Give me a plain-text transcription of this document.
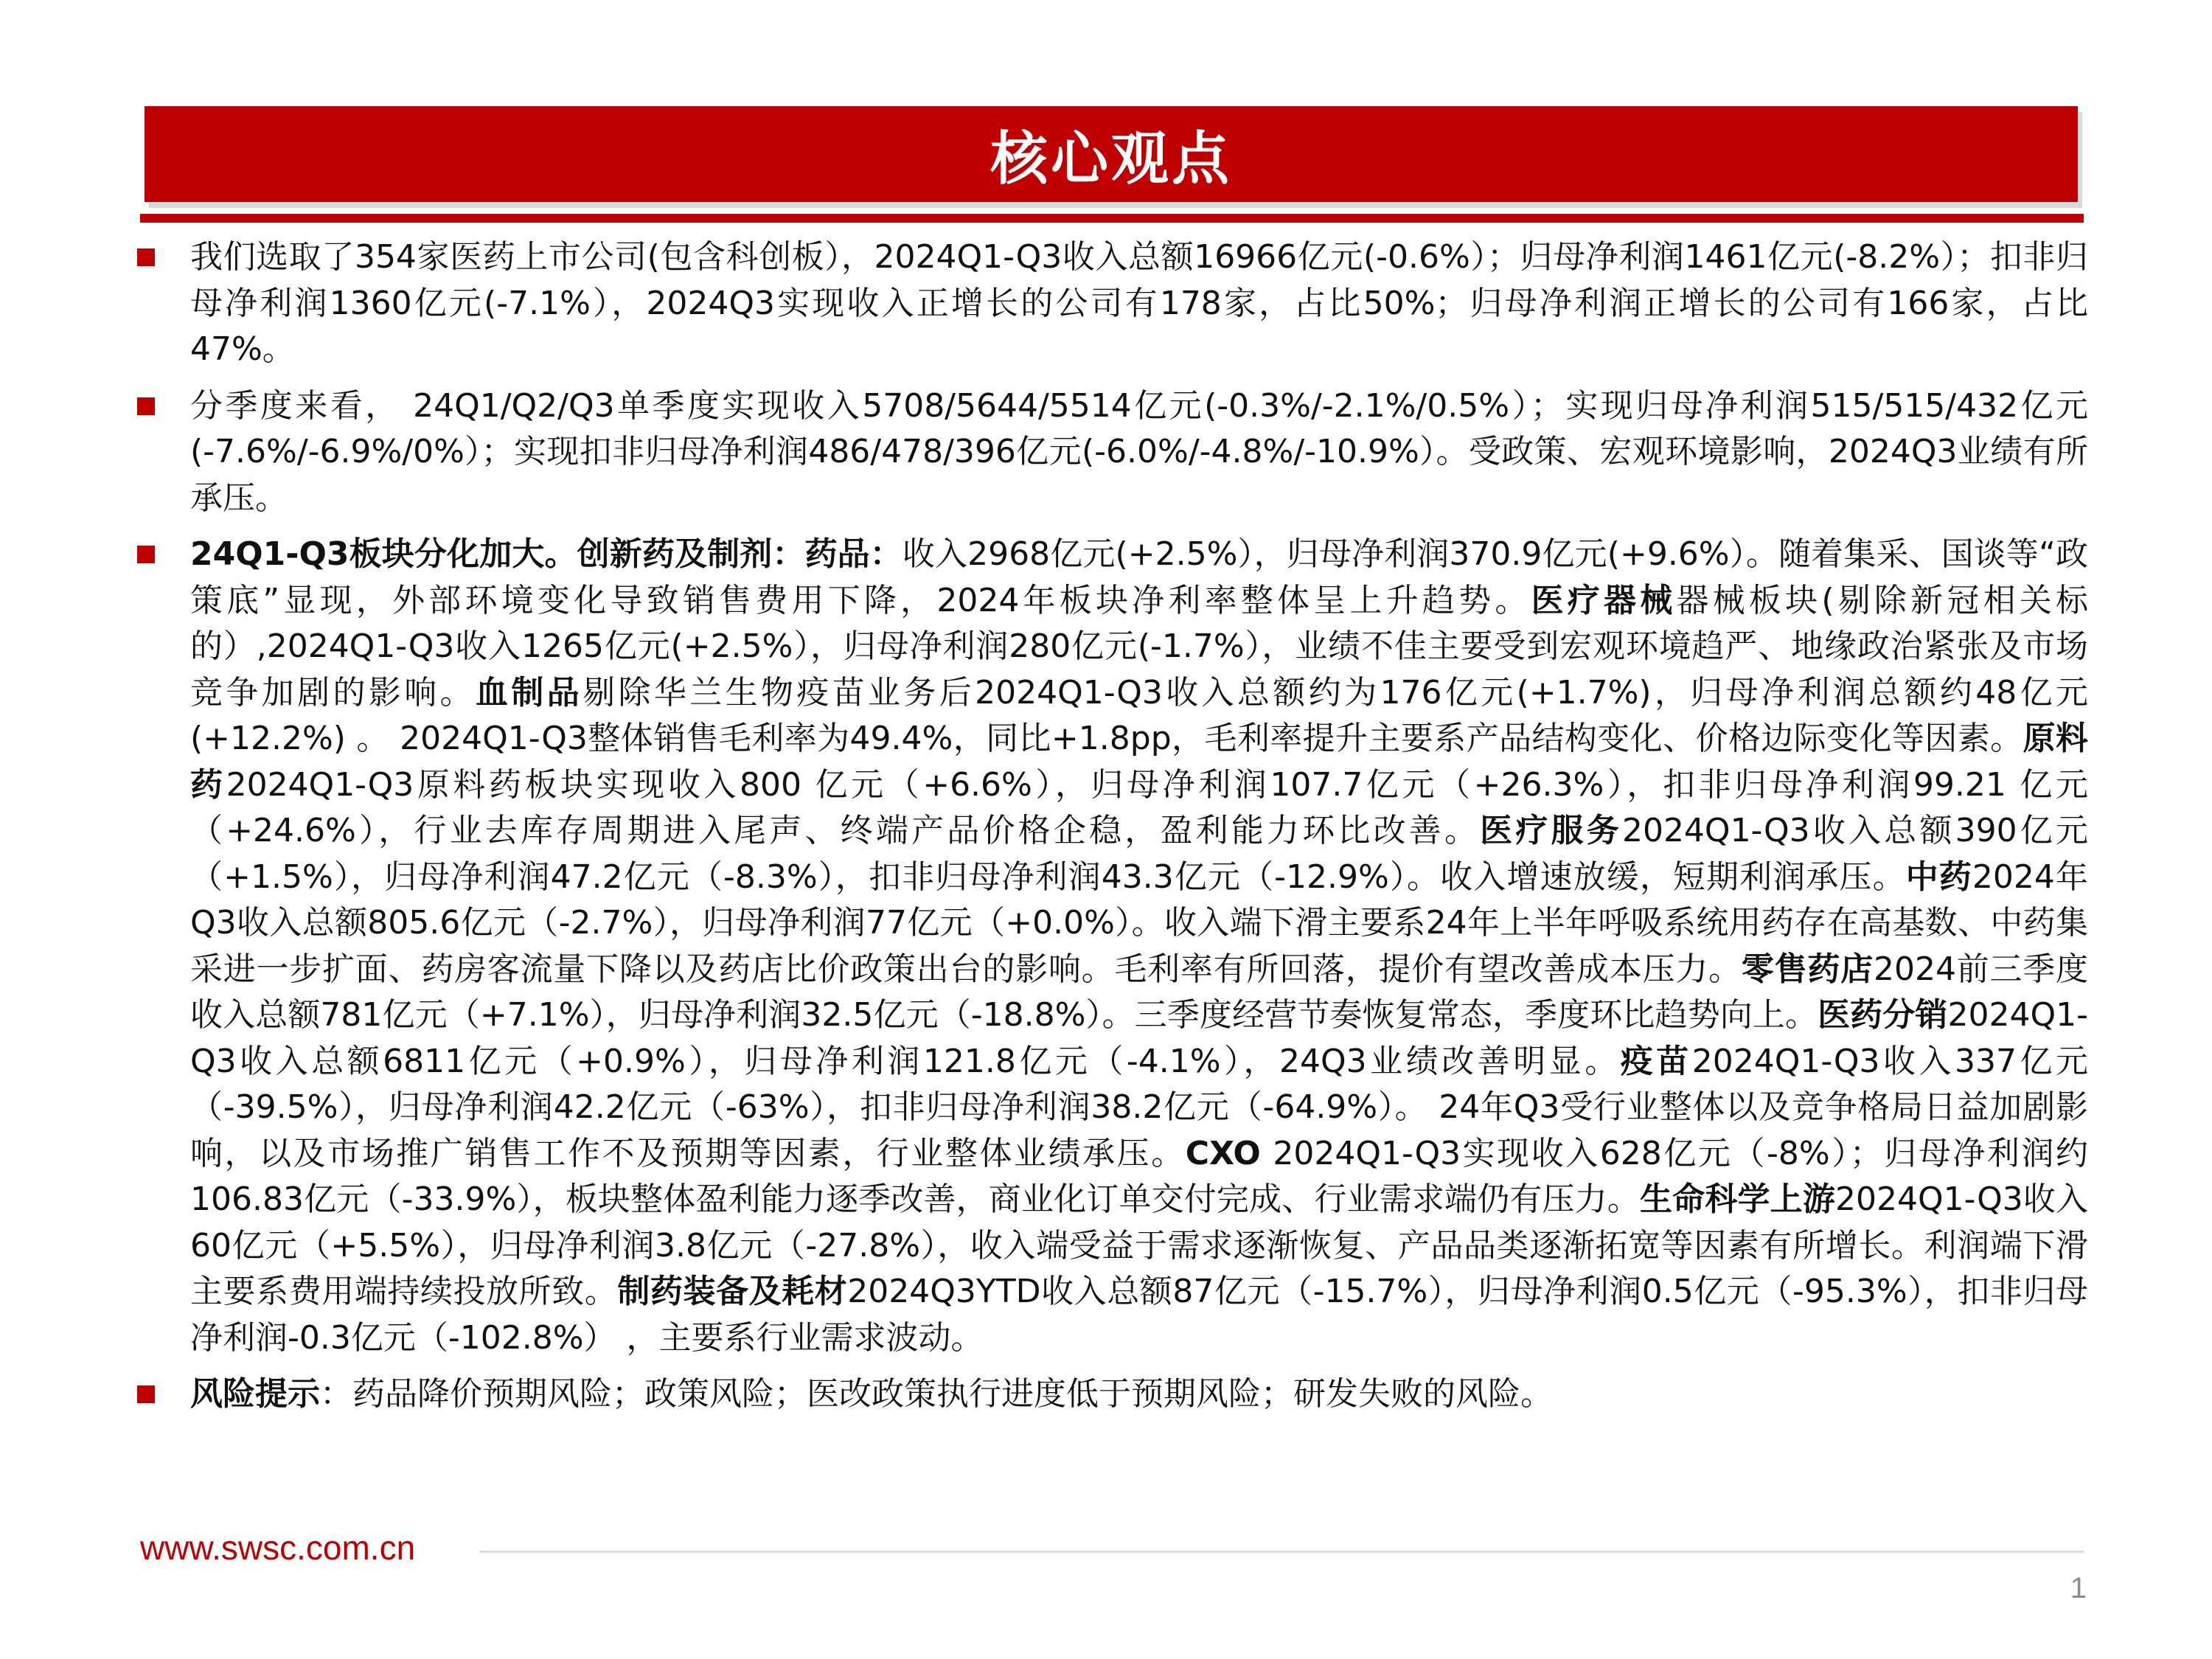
核心观点
我们选取了354家医药上市公司(包含科创板），2024Q1-Q3收入总额16966亿元(-0.6%）；归母净利润1461亿元(-8.2%）；扣非归母净利润1360亿元(-7.1%），2024Q3实现收入正增长的公司有178家，占比50%；归母净利润正增长的公司有166家，占比47%。
分季度来看， 24Q1/Q2/Q3单季度实现收入5708/5644/5514亿元(-0.3%/-2.1%/0.5%）；实现归母净利润515/515/432亿元(-7.6%/-6.9%/0%）；实现扣非归母净利润486/478/396亿元(-6.0%/-4.8%/-10.9%）。受政策、宏观环境影响，2024Q3业绩有所承压。
24Q1-Q3板块分化加大。创新药及制剂：药品：收入2968亿元(+2.5%），归母净利润370.9亿元(+9.6%）。随着集采、国谈等“政策底”显现，外部环境变化导致销售费用下降，2024年板块净利率整体呈上升趋势。医疗器械器械板块(剔除新冠相关标的）,2024Q1-Q3收入1265亿元(+2.5%），归母净利润280亿元(-1.7%），业绩不佳主要受到宏观环境趋严、地缘政治紧张及市场竞争加剧的影响。血制品剔除华兰生物疫苗业务后2024Q1-Q3收入总额约为176亿元(+1.7%)，归母净利润总额约48亿元(+12.2%) 。 2024Q1-Q3整体销售毛利率为49.4%，同比+1.8pp，毛利率提升主要系产品结构变化、价格边际变化等因素。原料药2024Q1-Q3原料药板块实现收入800 亿元（+6.6%），归母净利润107.7亿元（+26.3%），扣非归母净利润99.21 亿元（+24.6%），行业去库存周期进入尾声、终端产品价格企稳，盈利能力环比改善。医疗服务2024Q1-Q3收入总额390亿元（+1.5%），归母净利润47.2亿元（-8.3%），扣非归母净利润43.3亿元（-12.9%）。收入增速放缓，短期利润承压。中药2024年Q3收入总额805.6亿元（-2.7%），归母净利润77亿元（+0.0%）。收入端下滑主要系24年上半年呼吸系统用药存在高基数、中药集采进一步扩面、药房客流量下降以及药店比价政策出台的影响。毛利率有所回落，提价有望改善成本压力。零售药店2024前三季度收入总额781亿元（+7.1%），归母净利润32.5亿元（-18.8%）。三季度经营节奏恢复常态，季度环比趋势向上。医药分销2024Q1-Q3收入总额6811亿元（+0.9%），归母净利润121.8亿元（-4.1%），24Q3业绩改善明显。疫苗2024Q1-Q3收入337亿元（-39.5%），归母净利润42.2亿元（-63%），扣非归母净利润38.2亿元（-64.9%）。 24年Q3受行业整体以及竞争格局日益加剧影响，以及市场推广销售工作不及预期等因素，行业整体业绩承压。CXO 2024Q1-Q3实现收入628亿元（-8%）；归母净利润约106.83亿元（-33.9%），板块整体盈利能力逐季改善，商业化订单交付完成、行业需求端仍有压力。生命科学上游2024Q1-Q3收入60亿元（+5.5%），归母净利润3.8亿元（-27.8%），收入端受益于需求逐渐恢复、产品品类逐渐拓宽等因素有所增长。利润端下滑主要系费用端持续投放所致。制药装备及耗材2024Q3YTD收入总额87亿元（-15.7%），归母净利润0.5亿元（-95.3%），扣非归母净利润-0.3亿元（-102.8%） ，主要系行业需求波动。
风险提示：药品降价预期风险；政策风险；医改政策执行进度低于预期风险；研发失败的风险。
www.swsc.com.cn
1
